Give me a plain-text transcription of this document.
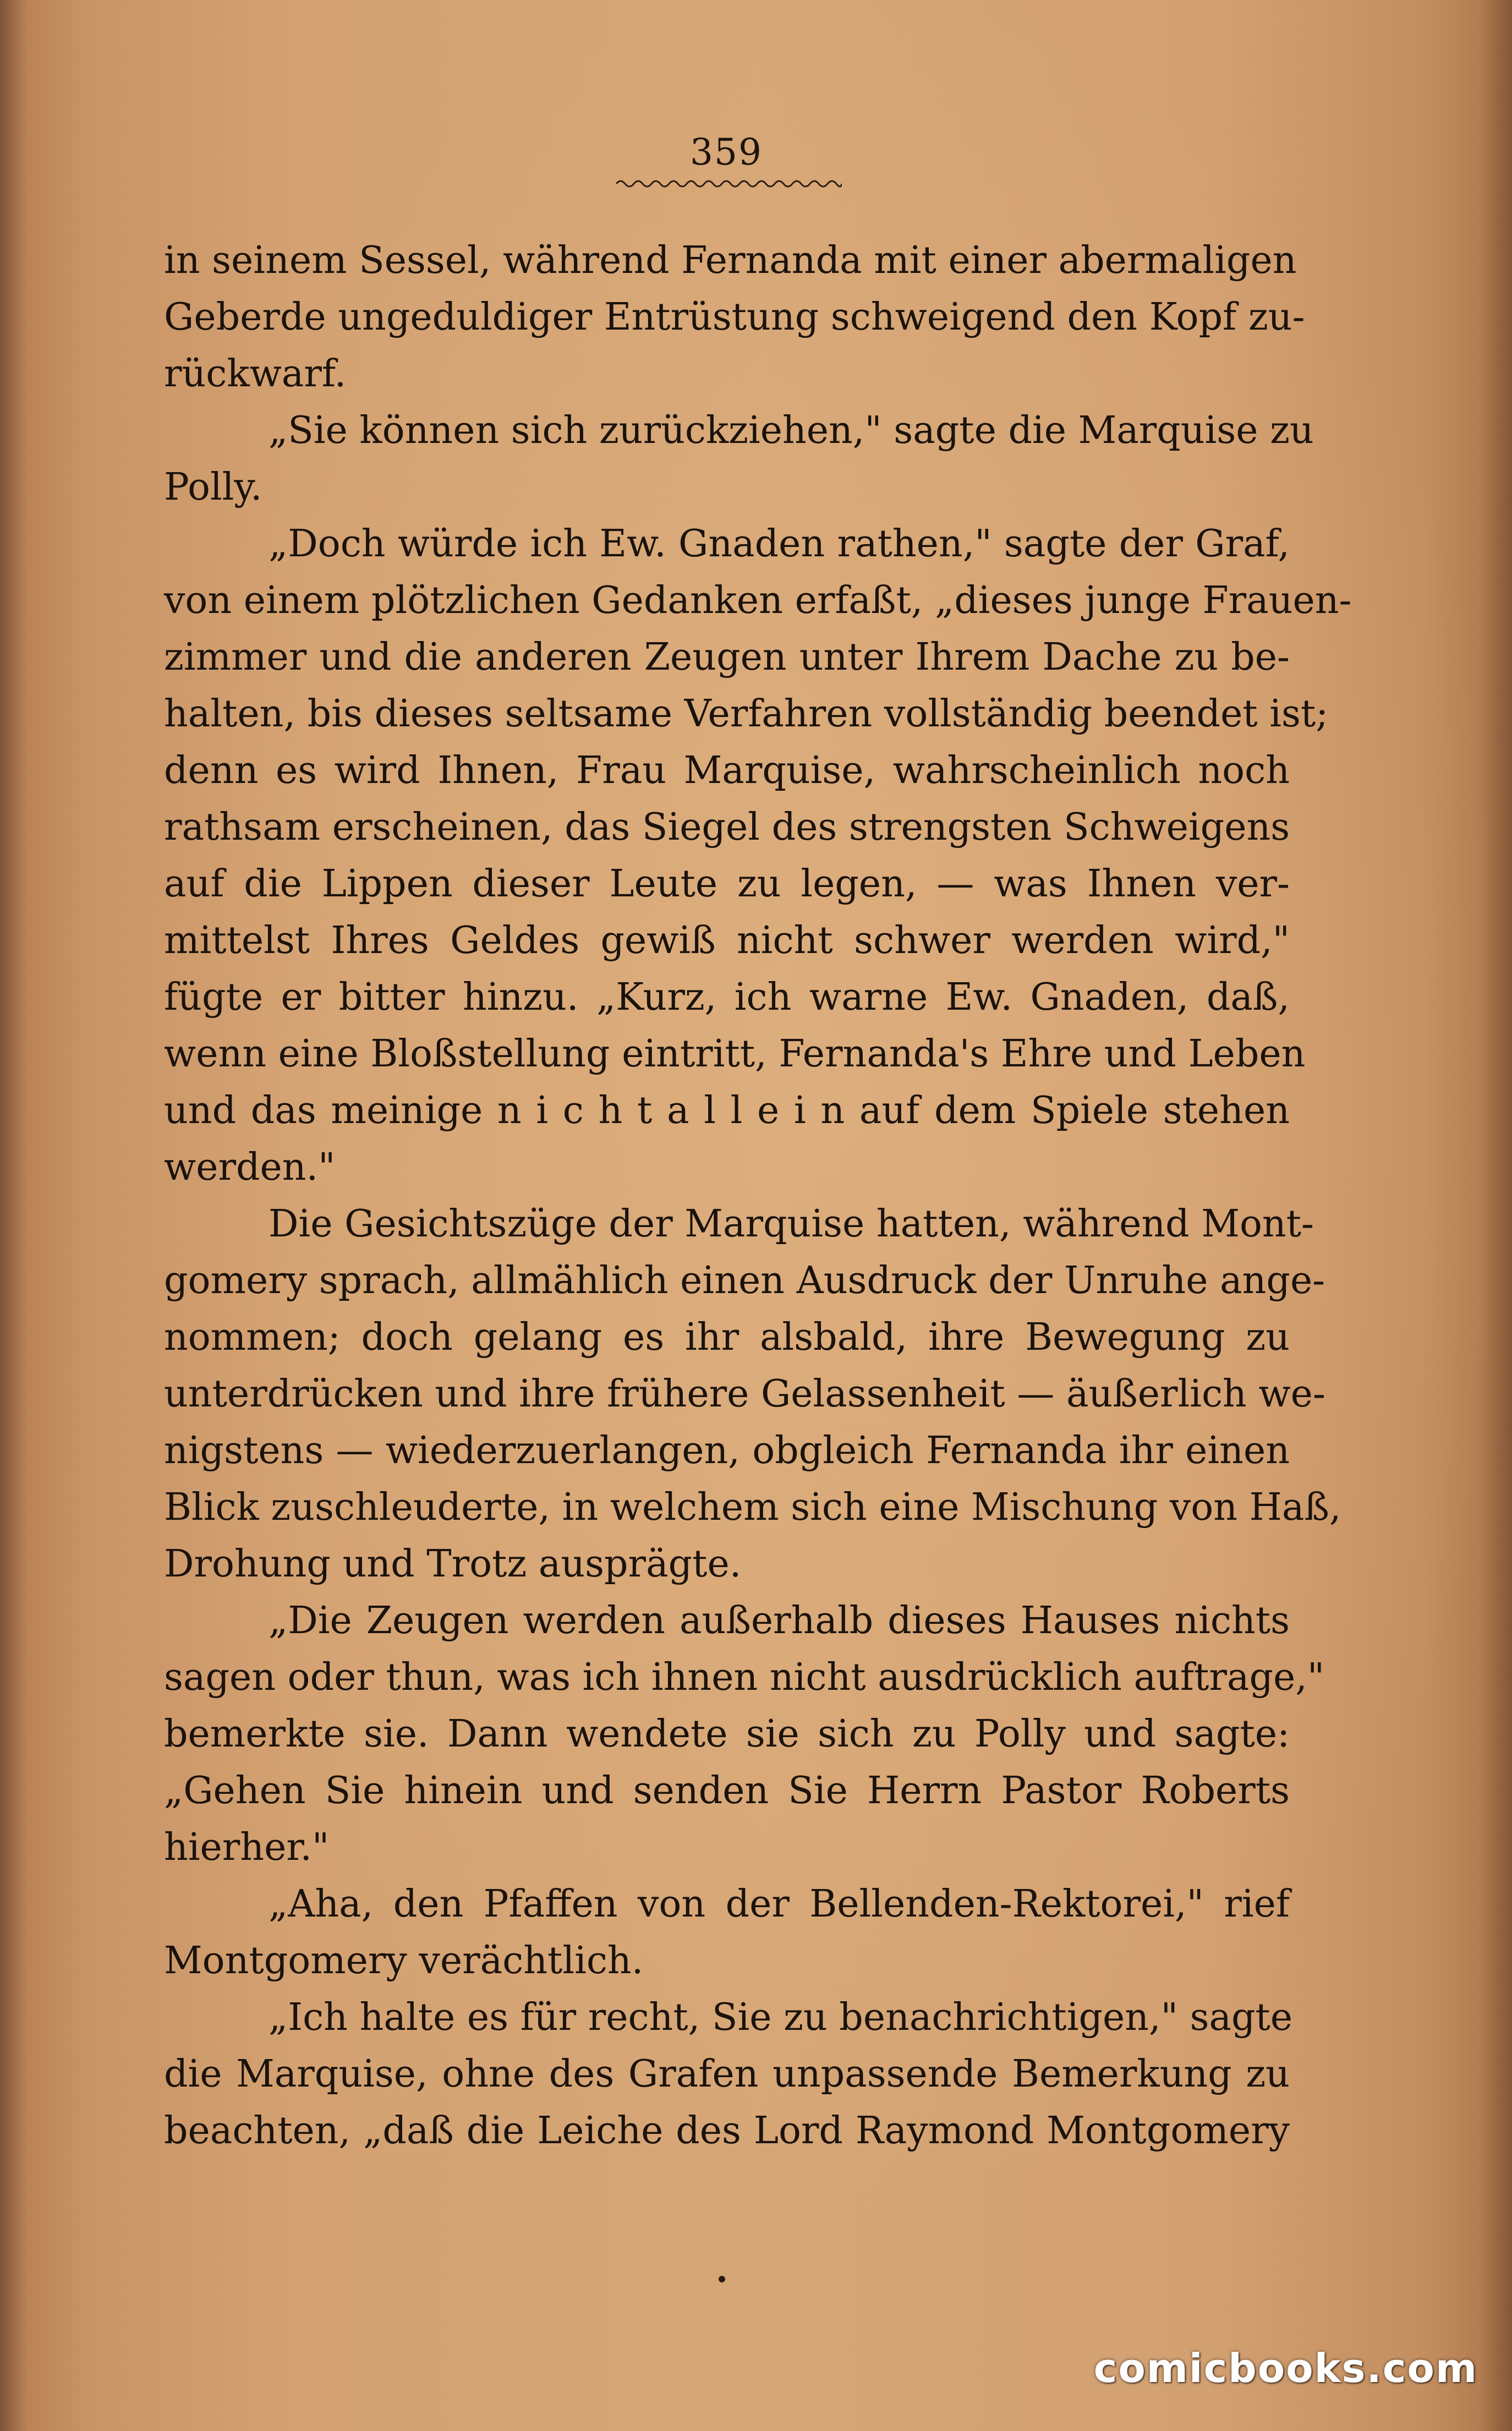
359

in seinem Sessel, während Fernanda mit einer abermaligen

Geberde ungeduldiger Entrüstung schweigend den Kopf zu-

rückwarf.

„Sie können sich zurückziehen," sagte die Marquise zu

Polly.

„Doch würde ich Ew. Gnaden rathen," sagte der Graf,

von einem plötzlichen Gedanken erfaßt, „dieses junge Frauen-

zimmer und die anderen Zeugen unter Ihrem Dache zu be-

halten, bis dieses seltsame Verfahren vollständig beendet ist;

denn es wird Ihnen, Frau Marquise, wahrscheinlich noch

rathsam erscheinen, das Siegel des strengsten Schweigens

auf die Lippen dieser Leute zu legen, — was Ihnen ver-

mittelst Ihres Geldes gewiß nicht schwer werden wird,"

fügte er bitter hinzu. „Kurz, ich warne Ew. Gnaden, daß,

wenn eine Bloßstellung eintritt, Fernanda's Ehre und Leben

und das meinige n i c h t a l l e i n auf dem Spiele stehen

werden."

Die Gesichtszüge der Marquise hatten, während Mont-

gomery sprach, allmählich einen Ausdruck der Unruhe ange-

nommen; doch gelang es ihr alsbald, ihre Bewegung zu

unterdrücken und ihre frühere Gelassenheit — äußerlich we-

nigstens — wiederzuerlangen, obgleich Fernanda ihr einen

Blick zuschleuderte, in welchem sich eine Mischung von Haß,

Drohung und Trotz ausprägte.

„Die Zeugen werden außerhalb dieses Hauses nichts

sagen oder thun, was ich ihnen nicht ausdrücklich auftrage,"

bemerkte sie. Dann wendete sie sich zu Polly und sagte:

„Gehen Sie hinein und senden Sie Herrn Pastor Roberts

hierher."

„Aha, den Pfaffen von der Bellenden-Rektorei," rief

Montgomery verächtlich.

„Ich halte es für recht, Sie zu benachrichtigen," sagte

die Marquise, ohne des Grafen unpassende Bemerkung zu

beachten, „daß die Leiche des Lord Raymond Montgomery

comicbooks.com
